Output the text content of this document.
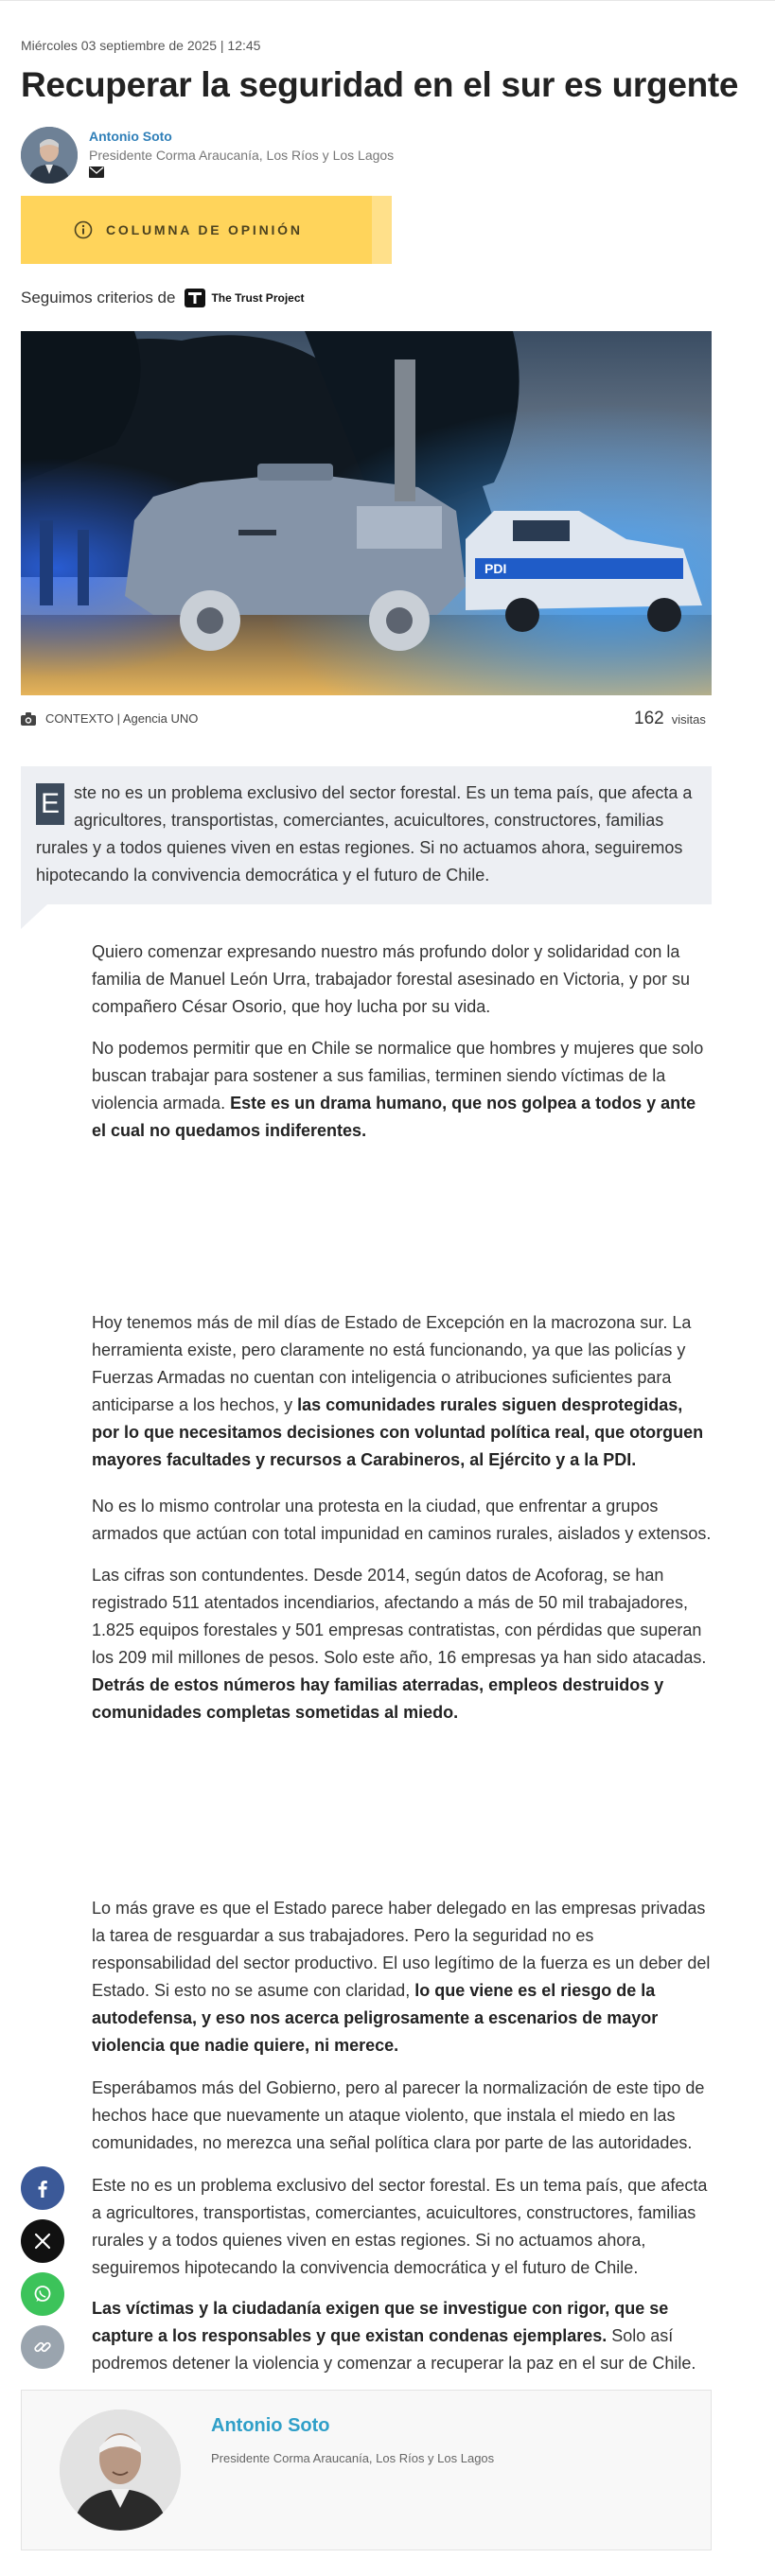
Miércoles 03 septiembre de 2025 | 12:45
Recuperar la seguridad en el sur es urgente
Antonio Soto
Presidente Corma Araucanía, Los Ríos y Los Lagos
COLUMNA DE OPINIÓN
Seguimos criterios de	The Trust Project
PDI
CONTEXTO | Agencia UNO	162 visitas
E ste no es un problema exclusivo del sector forestal. Es un tema país, que afecta a agricultores, transportistas, comerciantes, acuicultores, constructores, familias rurales y a todos quienes viven en estas regiones. Si no actuamos ahora, seguiremos hipotecando la convivencia democrática y el futuro de Chile.

Quiero comenzar expresando nuestro más profundo dolor y solidaridad con la familia de Manuel León Urra, trabajador forestal asesinado en Victoria, y por su compañero César Osorio, que hoy lucha por su vida.

No podemos permitir que en Chile se normalice que hombres y mujeres que solo buscan trabajar para sostener a sus familias, terminen siendo víctimas de la violencia armada. Este es un drama humano, que nos golpea a todos y ante el cual no quedamos indiferentes.

Hoy tenemos más de mil días de Estado de Excepción en la macrozona sur. La herramienta existe, pero claramente no está funcionando, ya que las policías y Fuerzas Armadas no cuentan con inteligencia o atribuciones suficientes para anticiparse a los hechos, y las comunidades rurales siguen desprotegidas, por lo que necesitamos decisiones con voluntad política real, que otorguen mayores facultades y recursos a Carabineros, al Ejército y a la PDI.

No es lo mismo controlar una protesta en la ciudad, que enfrentar a grupos armados que actúan con total impunidad en caminos rurales, aislados y extensos.

Las cifras son contundentes. Desde 2014, según datos de Acoforag, se han registrado 511 atentados incendiarios, afectando a más de 50 mil trabajadores, 1.825 equipos forestales y 501 empresas contratistas, con pérdidas que superan los 209 mil millones de pesos. Solo este año, 16 empresas ya han sido atacadas. Detrás de estos números hay familias aterradas, empleos destruidos y comunidades completas sometidas al miedo.

Lo más grave es que el Estado parece haber delegado en las empresas privadas la tarea de resguardar a sus trabajadores. Pero la seguridad no es responsabilidad del sector productivo. El uso legítimo de la fuerza es un deber del Estado. Si esto no se asume con claridad, lo que viene es el riesgo de la autodefensa, y eso nos acerca peligrosamente a escenarios de mayor violencia que nadie quiere, ni merece.

Esperábamos más del Gobierno, pero al parecer la normalización de este tipo de hechos hace que nuevamente un ataque violento, que instala el miedo en las comunidades, no merezca una señal política clara por parte de las autoridades.

Este no es un problema exclusivo del sector forestal. Es un tema país, que afecta a agricultores, transportistas, comerciantes, acuicultores, constructores, familias rurales y a todos quienes viven en estas regiones. Si no actuamos ahora, seguiremos hipotecando la convivencia democrática y el futuro de Chile.

Las víctimas y la ciudadanía exigen que se investigue con rigor, que se capture a los responsables y que existan condenas ejemplares. Solo así podremos detener la violencia y comenzar a recuperar la paz en el sur de Chile.

Antonio Soto
Presidente Corma Araucanía, Los Ríos y Los Lagos
